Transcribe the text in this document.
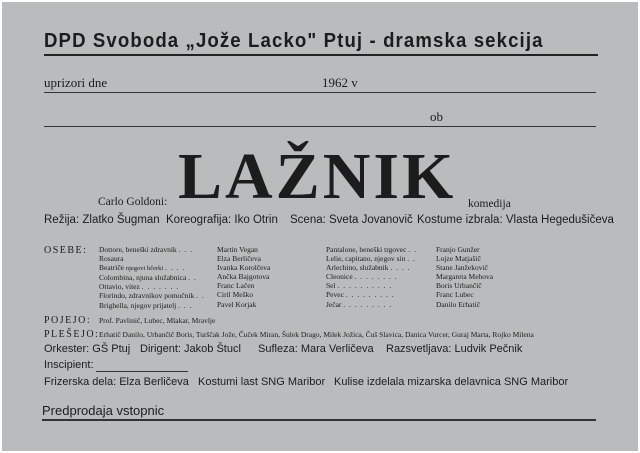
DPD Svoboda „Jože Lacko" Ptuj - dramska sekcija
uprizori dne	1962 v
ob
Carlo Goldoni: LAŽNIK komedija
Režija: Zlatko Šugman Koreografija: Iko Otrin Scena: Sveta Jovanovič Kostume izbrala: Vlasta Hegedušičeva
OSEBE: Dottore, beneški zdravnik . . .
Rosaura
Beatriče njegovi hčerki . . . .
Colombina, njuna služabnica . .
Ottavio, vitez . . . . . . .
Florindo, zdravnikov pomočnik . .
Brighella, njegov prijatelj . . .
Martin Vegan
Elza Berličeva
Ivanka Korolčeva
Ančka Bajgotova
Franc Lačen
Ciril Meško
Pavel Korjak
Pantalone, beneški trgovec . .
Lelie, capitano, njegov sin . .
Arlechino, služabnik . . . .
Cleonice . . . . . . . .
Sel . . . . . . . . . .
Pevec . . . . . . . . .
Ječar . . . . . . . . .
Franjo Gunžer
Lojze Matjašič
Stane Janžekovič
Margareta Mehova
Boris Urbančič
Franc Lubec
Danilo Erhatič
POJEJO: Prof. Pavlinič, Lubec, Mlakar, Mravlje
PLEŠEJO: Erhatič Danilo, Urbančič Boris, Turščak Jože, Čuček Miran, Šulek Drago, Milek Jožica, Čuš Slavica, Danica Vurcer, Guraj Marta, Rojko Milena
Orkester: GŠ Ptuj Dirigent: Jakob Štucl Sufleza: Mara Verličeva Razsvetljava: Ludvik Pečnik
Inscipient:
Frizerska dela: Elza Berličeva Kostumi last SNG Maribor Kulise izdelala mizarska delavnica SNG Maribor
Predprodaja vstopnic
